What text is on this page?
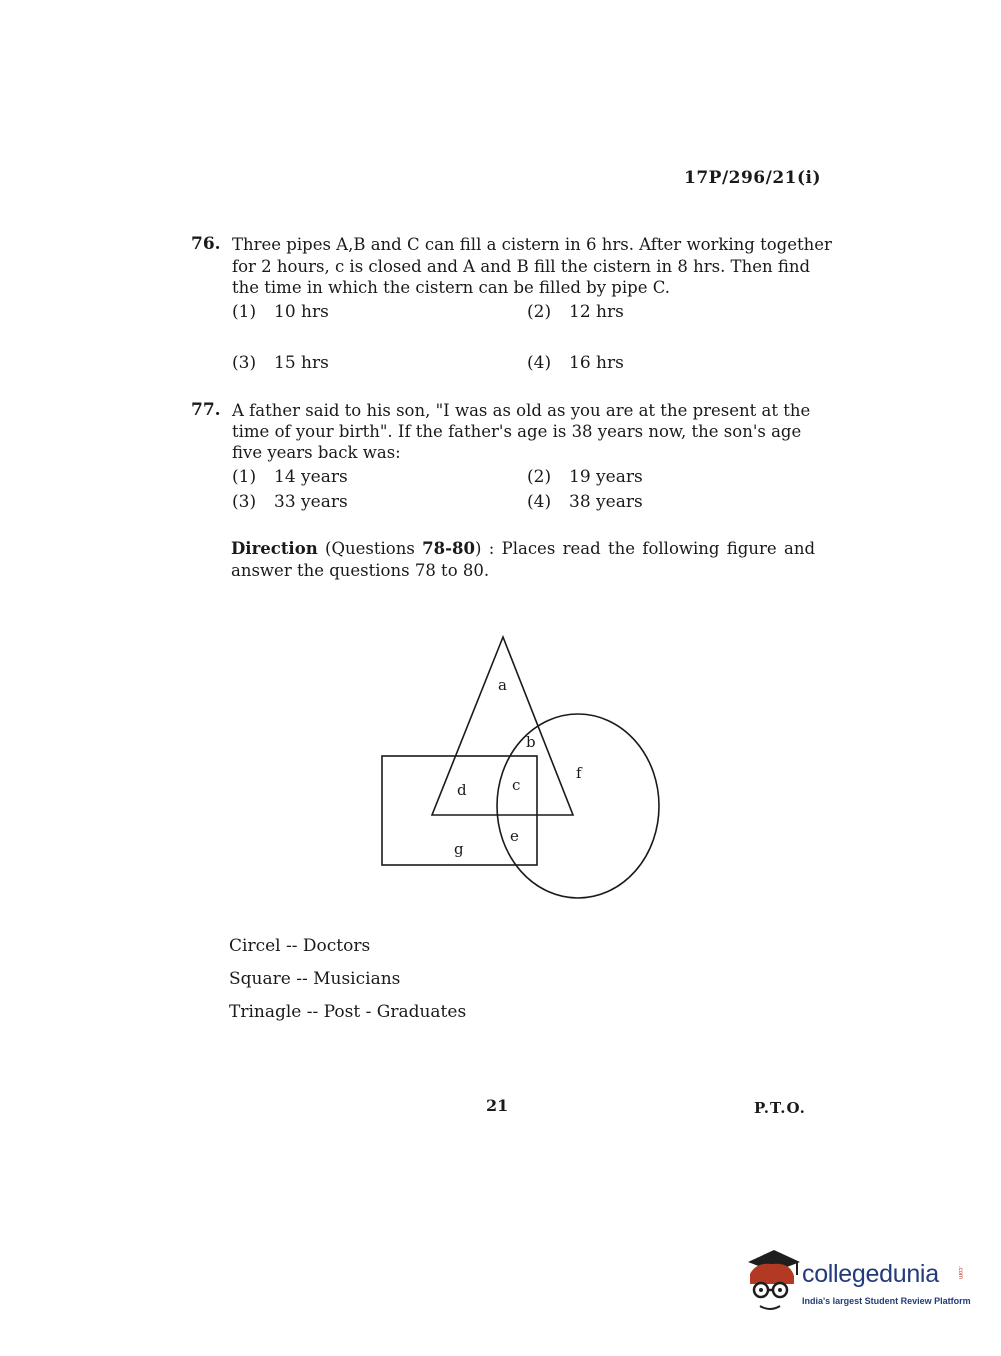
17P/296/21(i)
76. Three pipes A,B and C can fill a cistern in 6 hrs. After working together
for 2 hours, c is closed and A and B fill the cistern in 8 hrs. Then find
the time in which the cistern can be filled by pipe C.
(1) 10 hrs	(2) 12 hrs
(3) 15 hrs	(4) 16 hrs
77. A father said to his son, "I was as old as you are at the present at the
time of your birth". If the father's age is 38 years now, the son's age
five years back was:
(1) 14 years	(2) 19 years
(3) 33 years	(4) 38 years
Direction (Questions 78-80) : Places read the following figure and answer the questions 78 to 80.
a
b
f
d	c
e
g
Circel -- Doctors
Square -- Musicians
Trinagle -- Post - Graduates
21	P.T.O.
collegedunia	.com
India's largest Student Review Platform
